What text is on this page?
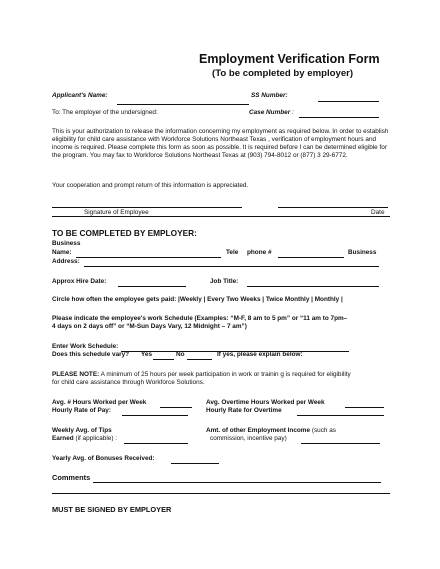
Employment Verification Form
(To be completed by employer)
Applicant's Name:	SS Number:
To: The employer of the undersigned:	Case Number :

This is your authorization to release the information concerning my employment as required below. In order to establish eligibility for child care assistance with Workforce Solutions Northeast Texas , verification of employment hours and income is required. Please complete this form as soon as possible. It is required before I can be determined eligible for the program. You may fax to Workforce Solutions Northeast Texas at (903) 794-8012 or (877) 3 29-6772.

Your cooperation and prompt return of this information is appreciated.
Signature of Employee	Date
TO BE COMPLETED BY EMPLOYER:
Business
Name:	Tele phone #	Business
Address:
Approx Hire Date:	Job Title:
Circle how often the employee gets paid: |Weekly | Every Two Weeks | Twice Monthly | Monthly |
Please indicate the employee's work Schedule (Examples: “M-F, 8 am to 5 pm” or “11 am to 7pm–
4 days on 2 days off” or “M-Sun Days Vary, 12 Midnight – 7 am”)
Enter Work Schedule:
Does this schedule vary? Yes	No	If yes, please explain below:
PLEASE NOTE: A minimum of 25 hours per week participation in work or trainin g is required for eligibility
for child care assistance through Workforce Solutions.
Avg. # Hours Worked per Week	Avg. Overtime Hours Worked per Week
Hourly Rate of Pay:	Hourly Rate for Overtime
Weekly Avg. of Tips
Earned (if applicable) :
Amt. of other Employment Income (such as
commission, incentive pay)
Yearly Avg. of Bonuses Received:
Comments
MUST BE SIGNED BY EMPLOYER
